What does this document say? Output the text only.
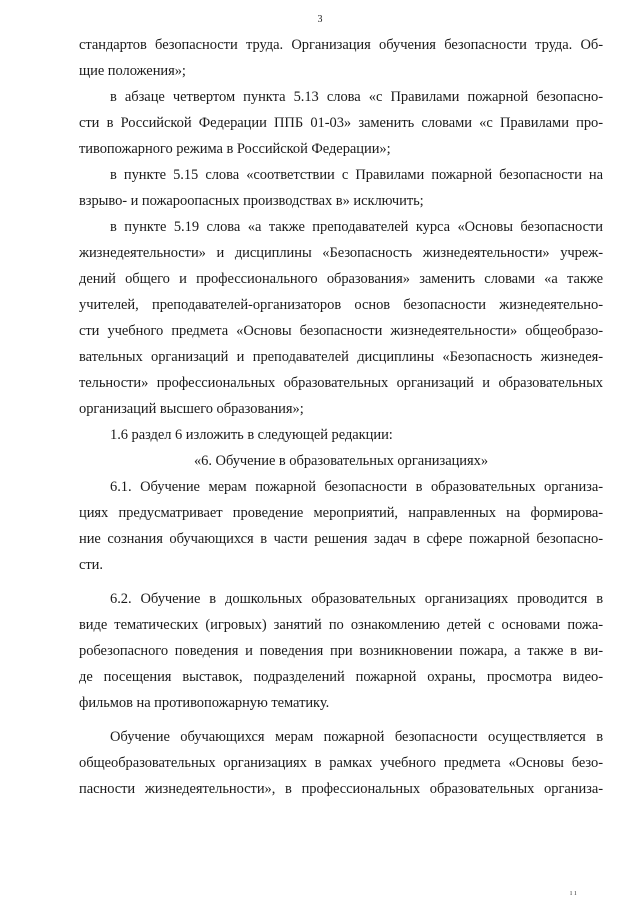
3
стандартов безопасности труда. Организация обучения безопасности труда. Об-
щие положения»;
в абзаце четвертом пункта 5.13 слова «с Правилами пожарной безопасно-
сти в Российской Федерации ППБ 01-03» заменить словами «с Правилами про-
тивопожарного режима в Российской Федерации»;
в пункте 5.15 слова «соответствии с Правилами пожарной безопасности на
взрыво- и пожароопасных производствах в» исключить;
в пункте 5.19 слова «а также преподавателей курса «Основы безопасности
жизнедеятельности» и дисциплины «Безопасность жизнедеятельности» учреж-
дений общего и профессионального образования» заменить словами «а также
учителей, преподавателей-организаторов основ безопасности жизнедеятельно-
сти учебного предмета «Основы безопасности жизнедеятельности» общеобразо-
вательных организаций и преподавателей дисциплины «Безопасность жизнедея-
тельности» профессиональных образовательных организаций и образовательных
организаций высшего образования»;
1.6 раздел 6 изложить в следующей редакции:
«6. Обучение в образовательных организациях»
6.1. Обучение мерам пожарной безопасности в образовательных организа-
циях предусматривает проведение мероприятий, направленных на формирова-
ние сознания обучающихся в части решения задач в сфере пожарной безопасно-
сти.
6.2. Обучение в дошкольных образовательных организациях проводится в
виде тематических (игровых) занятий по ознакомлению детей с основами пожа-
робезопасного поведения и поведения при возникновении пожара, а также в ви-
де посещения выставок, подразделений пожарной охраны, просмотра видео-
фильмов на противопожарную тематику.
Обучение обучающихся мерам пожарной безопасности осуществляется в
общеобразовательных организациях в рамках учебного предмета «Основы безо-
пасности жизнедеятельности», в профессиональных образовательных организа-
ı ı
